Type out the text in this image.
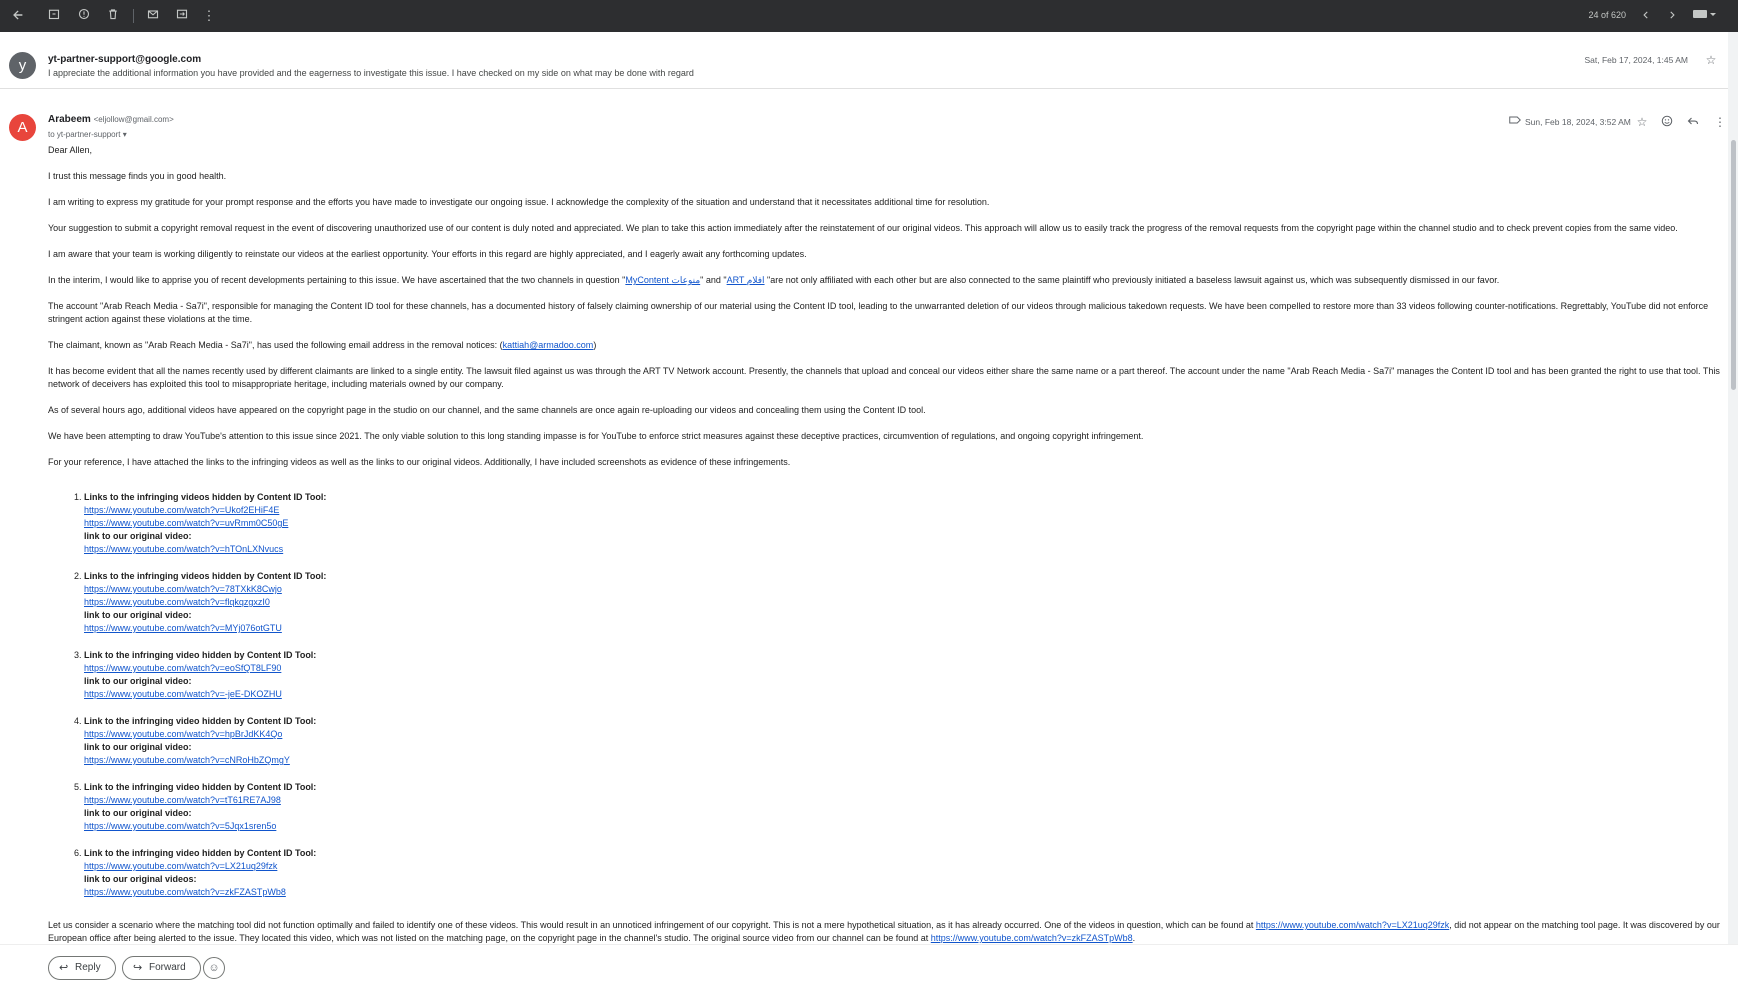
⋮	24 of 620
y	yt-partner-support@google.com
I appreciate the additional information you have provided and the eagerness to investigate this issue. I have checked on my side on what may be done with regard
Sat, Feb 17, 2024, 1:45 AM ☆
A	Arabeem <eljollow@gmail.com>
to yt-partner-support ▾
Sun, Feb 18, 2024, 3:52 AM ☆	⋮

Dear Allen,

I trust this message finds you in good health.

I am writing to express my gratitude for your prompt response and the efforts you have made to investigate our ongoing issue. I acknowledge the complexity of the situation and understand that it necessitates additional time for resolution.

Your suggestion to submit a copyright removal request in the event of discovering unauthorized use of our content is duly noted and appreciated. We plan to take this action immediately after the reinstatement of our original videos. This approach will allow us to easily track the progress of the removal requests from the copyright page within the channel studio and to check prevent copies from the same video.

I am aware that your team is working diligently to reinstate our videos at the earliest opportunity. Your efforts in this regard are highly appreciated, and I eagerly await any forthcoming updates.

In the interim, I would like to apprise you of recent developments pertaining to this issue. We have ascertained that the two channels in question "MyContent منوعات" and "ART افلام "are not only affiliated with each other but are also connected to the same plaintiff who previously initiated a baseless lawsuit against us, which was subsequently dismissed in our favor.

The account "Arab Reach Media - Sa7i", responsible for managing the Content ID tool for these channels, has a documented history of falsely claiming ownership of our material using the Content ID tool, leading to the unwarranted deletion of our videos through malicious takedown requests. We have been compelled to restore more than 33 videos following counter-notifications. Regrettably, YouTube did not enforce stringent action against these violations at the time.

The claimant, known as "Arab Reach Media - Sa7i", has used the following email address in the removal notices: (kattiah@armadoo.com)

It has become evident that all the names recently used by different claimants are linked to a single entity. The lawsuit filed against us was through the ART TV Network account. Presently, the channels that upload and conceal our videos either share the same name or a part thereof. The account under the name "Arab Reach Media - Sa7i" manages the Content ID tool and has been granted the right to use that tool. This network of deceivers has exploited this tool to misappropriate heritage, including materials owned by our company.

As of several hours ago, additional videos have appeared on the copyright page in the studio on our channel, and the same channels are once again re-uploading our videos and concealing them using the Content ID tool.

We have been attempting to draw YouTube's attention to this issue since 2021. The only viable solution to this long standing impasse is for YouTube to enforce strict measures against these deceptive practices, circumvention of regulations, and ongoing copyright infringement.

For your reference, I have attached the links to the infringing videos as well as the links to our original videos. Additionally, I have included screenshots as evidence of these infringements.

1. Links to the infringing videos hidden by Content ID Tool:
https://www.youtube.com/watch?v=Ukof2EHiF4E
https://www.youtube.com/watch?v=uvRmm0C50gE
link to our original video:
https://www.youtube.com/watch?v=hTOnLXNvucs
2. Links to the infringing videos hidden by Content ID Tool:
https://www.youtube.com/watch?v=78TXkK8Cwjo
https://www.youtube.com/watch?v=flqkqzgxzI0
link to our original video:
https://www.youtube.com/watch?v=MYj076otGTU
3. Link to the infringing video hidden by Content ID Tool:
https://www.youtube.com/watch?v=eoSfQT8LF90
link to our original video:
https://www.youtube.com/watch?v=-jeE-DKOZHU
4. Link to the infringing video hidden by Content ID Tool:
https://www.youtube.com/watch?v=hpBrJdKK4Qo
link to our original video:
https://www.youtube.com/watch?v=cNRoHbZQmgY
5. Link to the infringing video hidden by Content ID Tool:
https://www.youtube.com/watch?v=tT61RE7AJ98
link to our original video:
https://www.youtube.com/watch?v=5Jqx1sren5o
6. Link to the infringing video hidden by Content ID Tool:
https://www.youtube.com/watch?v=LX21uq29fzk
link to our original videos:
https://www.youtube.com/watch?v=zkFZASTpWb8

Let us consider a scenario where the matching tool did not function optimally and failed to identify one of these videos. This would result in an unnoticed infringement of our copyright. This is not a mere hypothetical situation, as it has already occurred. One of the videos in question, which can be found at https://www.youtube.com/watch?v=LX21uq29fzk, did not appear on the matching tool page. It was discovered by our European office after being alerted to the issue. They located this video, which was not listed on the matching page, on the copyright page in the channel's studio. The original source video from our channel can be found at https://www.youtube.com/watch?v=zkFZASTpWb8.

↩ Reply	↪ Forward	☺
